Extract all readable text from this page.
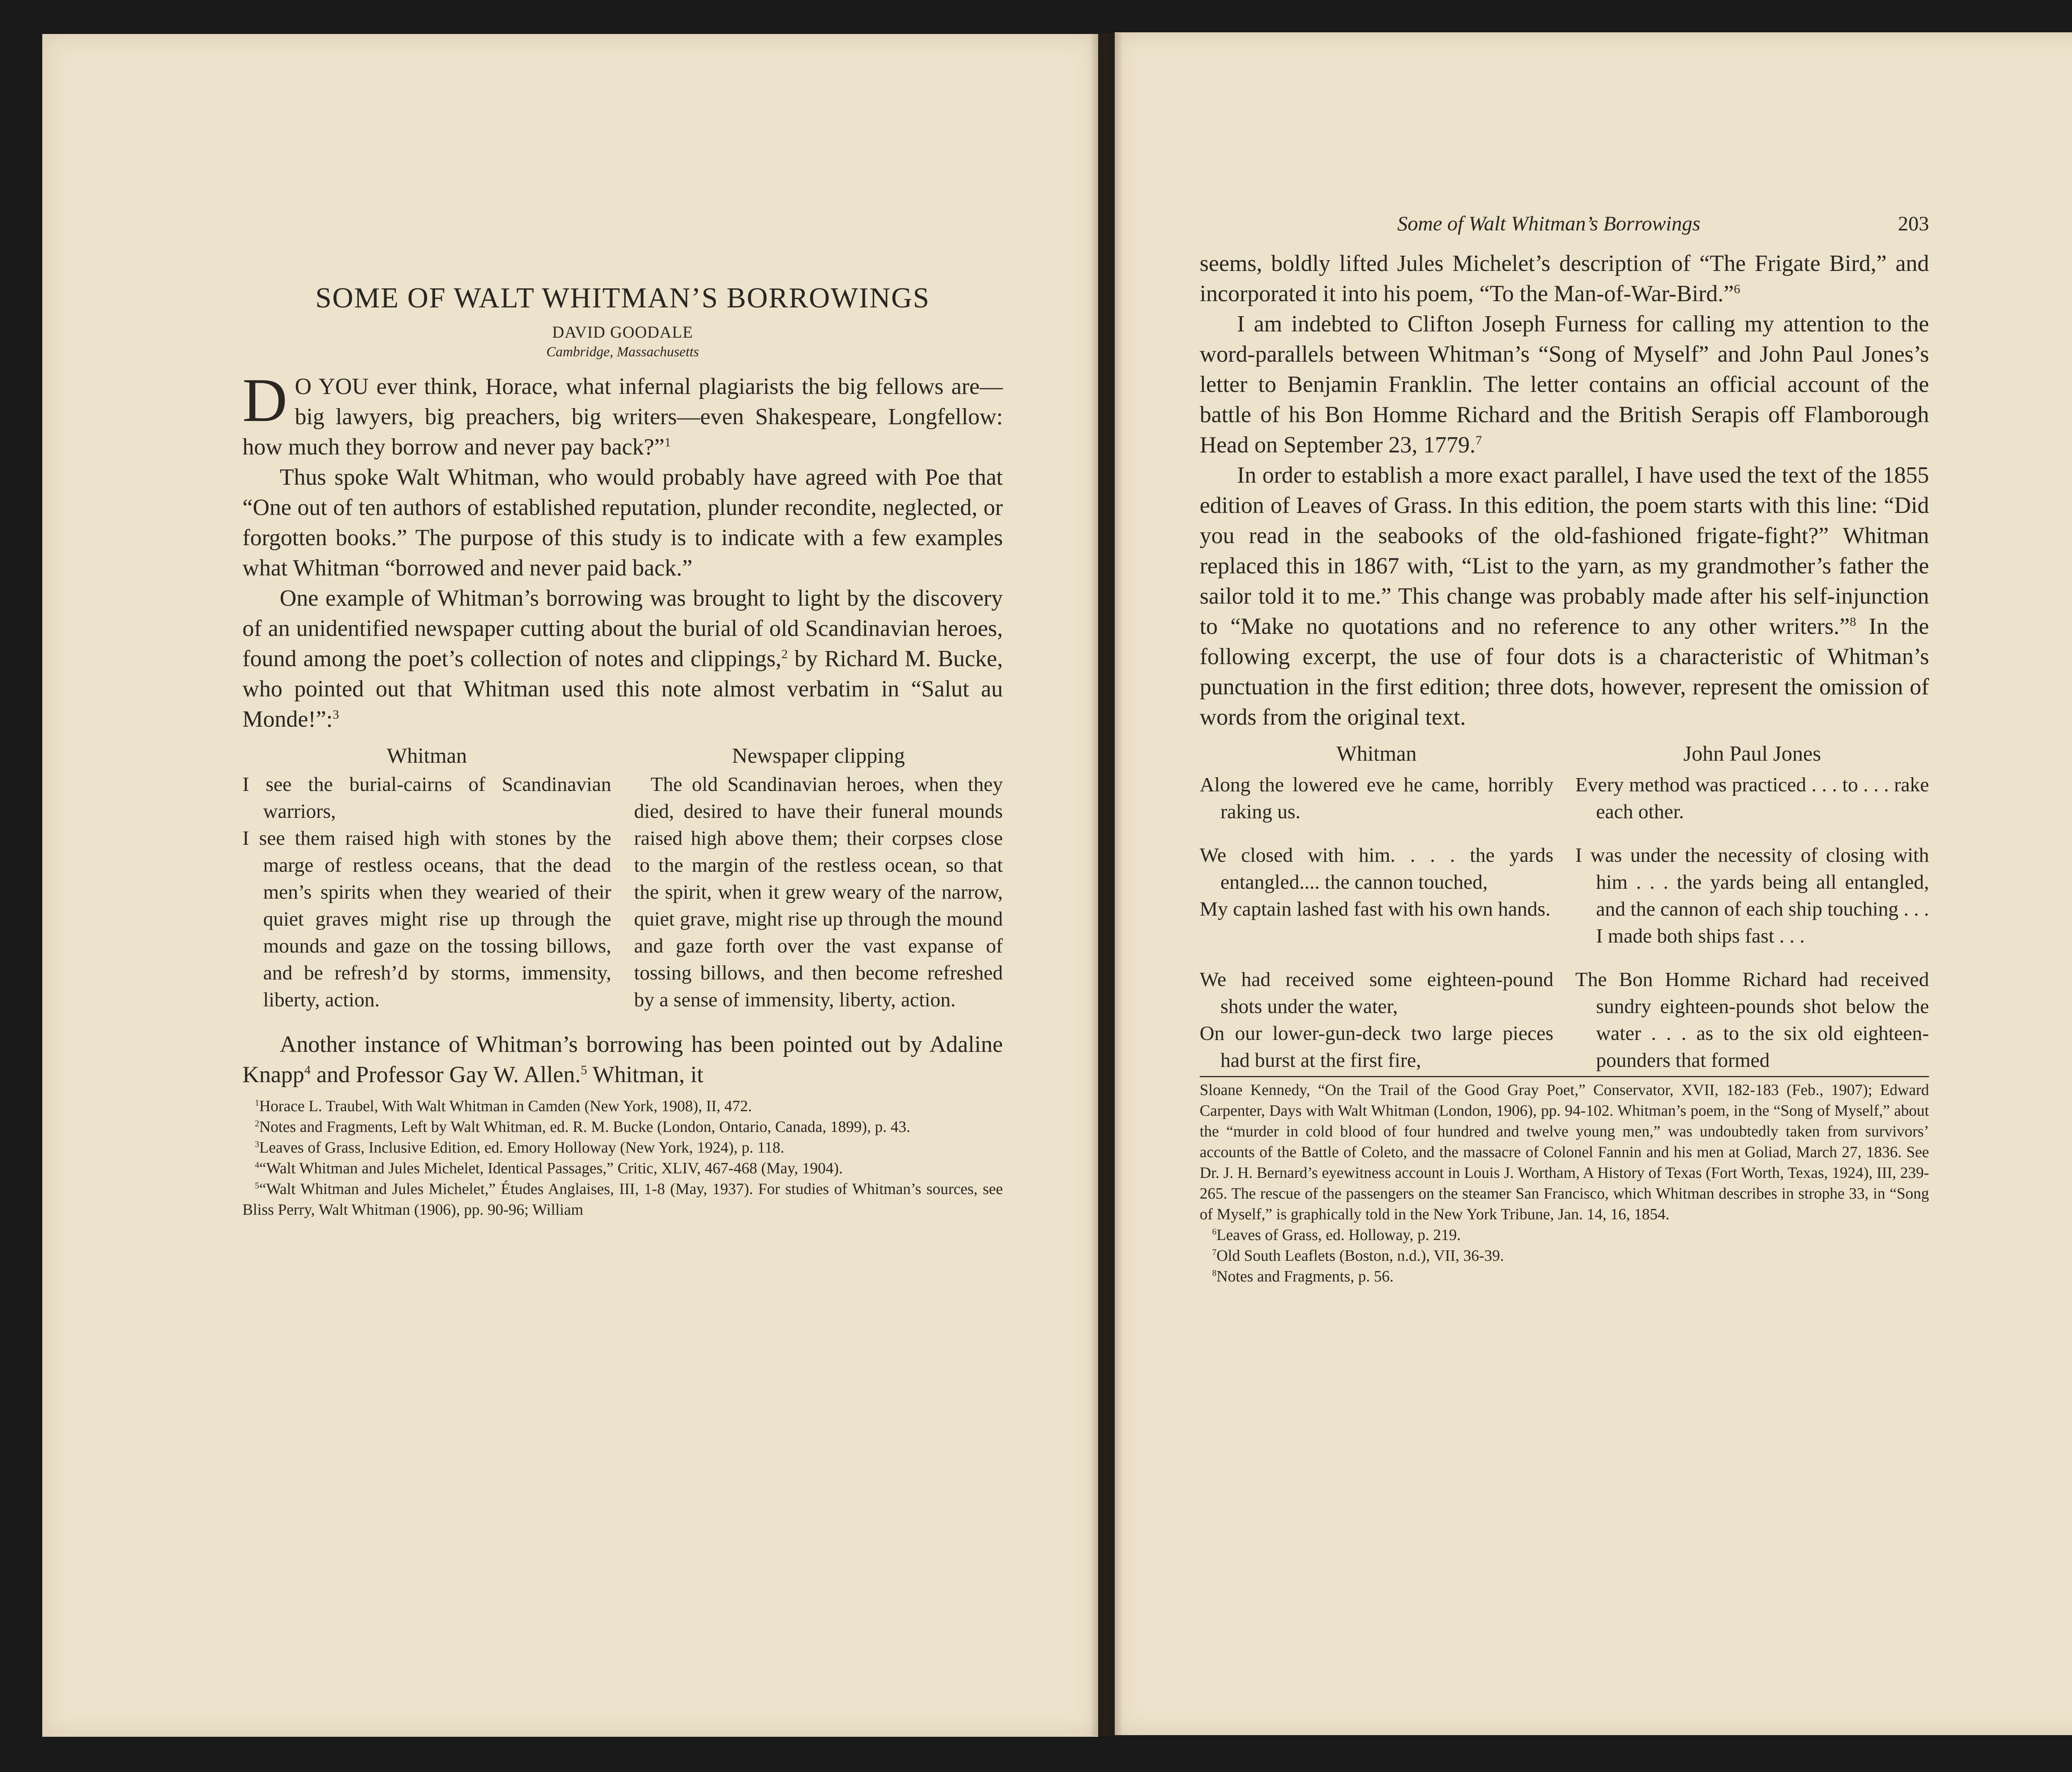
SOME OF WALT WHITMAN’S BORROWINGS
DAVID GOODALE
Cambridge, Massachusetts

D O YOU ever think, Horace, what infernal plagiarists the big fellows are—big lawyers, big preachers, big writers—even Shakespeare, Longfellow: how much they borrow and never pay back?”$^1$

Thus spoke Walt Whitman, who would probably have agreed with Poe that “One out of ten authors of established reputation, plunder recondite, neglected, or forgotten books.” The purpose of this study is to indicate with a few examples what Whitman “borrowed and never paid back.”

One example of Whitman’s borrowing was brought to light by the discovery of an unidentified newspaper cutting about the burial of old Scandinavian heroes, found among the poet’s collection of notes and clippings,$^2$ by Richard M. Bucke, who pointed out that Whitman used this note almost verbatim in “Salut au Monde!”:$^3$

Whitman
I see the burial-cairns of Scandinavian warriors,
I see them raised high with stones by the marge of restless oceans, that the dead men’s spirits when they wearied of their quiet graves might rise up through the mounds and gaze on the tossing billows, and be refresh’d by storms, immensity, liberty, action.
Newspaper clipping
The old Scandinavian heroes, when they died, desired to have their funeral mounds raised high above them; their corpses close to the margin of the restless ocean, so that the spirit, when it grew weary of the narrow, quiet grave, might rise up through the mound and gaze forth over the vast expanse of tossing billows, and then become refreshed by a sense of immensity, liberty, action.

Another instance of Whitman’s borrowing has been pointed out by Adaline Knapp$^4$ and Professor Gay W. Allen.$^5$ Whitman, it

$^1$Horace L. Traubel, With Walt Whitman in Camden (New York, 1908), II, 472.
$^2$Notes and Fragments, Left by Walt Whitman, ed. R. M. Bucke (London, Ontario, Canada, 1899), p. 43.
$^3$Leaves of Grass, Inclusive Edition, ed. Emory Holloway (New York, 1924), p. 118.
$^4$“Walt Whitman and Jules Michelet, Identical Passages,” Critic, XLIV, 467-468 (May, 1904).
$^5$“Walt Whitman and Jules Michelet,” Études Anglaises, III, 1-8 (May, 1937). For studies of Whitman’s sources, see Bliss Perry, Walt Whitman (1906), pp. 90-96; William
Some of Walt Whitman’s Borrowings	203

seems, boldly lifted Jules Michelet’s description of “The Frigate Bird,” and incorporated it into his poem, “To the Man-of-War-Bird.”$^6$

I am indebted to Clifton Joseph Furness for calling my attention to the word-parallels between Whitman’s “Song of Myself” and John Paul Jones’s letter to Benjamin Franklin. The letter contains an official account of the battle of his Bon Homme Richard and the British Serapis off Flamborough Head on September 23, 1779.$^7$

In order to establish a more exact parallel, I have used the text of the 1855 edition of Leaves of Grass. In this edition, the poem starts with this line: “Did you read in the seabooks of the old-fashioned frigate-fight?” Whitman replaced this in 1867 with, “List to the yarn, as my grandmother’s father the sailor told it to me.” This change was probably made after his self-injunction to “Make no quotations and no reference to any other writers.”$^8$ In the following excerpt, the use of four dots is a characteristic of Whitman’s punctuation in the first edition; three dots, however, represent the omission of words from the original text.

Whitman	John Paul Jones
Along the lowered eve he came, horribly raking us.
Every method was practiced . . . to . . . rake each other.
We closed with him. . . . the yards entangled.... the cannon touched,
My captain lashed fast with his own hands.
I was under the necessity of closing with him . . . the yards being all entangled, and the cannon of each ship touching . . . I made both ships fast . . .
We had received some eighteen-pound shots under the water,
On our lower-gun-deck two large pieces had burst at the first fire,
The Bon Homme Richard had received sundry eighteen-pounds shot below the water . . . as to the six old eighteen-pounders that formed
Sloane Kennedy, “On the Trail of the Good Gray Poet,” Conservator, XVII, 182-183 (Feb., 1907); Edward Carpenter, Days with Walt Whitman (London, 1906), pp. 94-102. Whitman’s poem, in the “Song of Myself,” about the “murder in cold blood of four hundred and twelve young men,” was undoubtedly taken from survivors’ accounts of the Battle of Coleto, and the massacre of Colonel Fannin and his men at Goliad, March 27, 1836. See Dr. J. H. Bernard’s eyewitness account in Louis J. Wortham, A History of Texas (Fort Worth, Texas, 1924), III, 239-265. The rescue of the passengers on the steamer San Francisco, which Whitman describes in strophe 33, in “Song of Myself,” is graphically told in the New York Tribune, Jan. 14, 16, 1854.
$^6$Leaves of Grass, ed. Holloway, p. 219.
$^7$Old South Leaflets (Boston, n.d.), VII, 36-39.
$^8$Notes and Fragments, p. 56.
